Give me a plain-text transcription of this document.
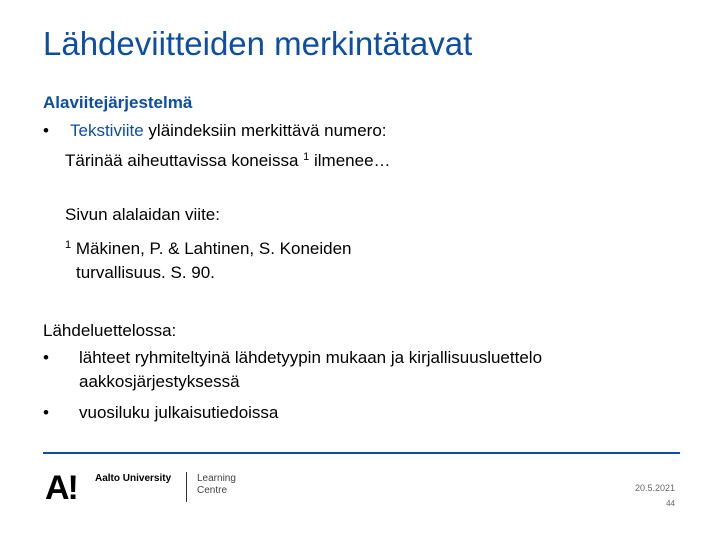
Lähdeviitteiden merkintätavat
Alaviitejärjestelmä
• Tekstiviite yläindeksiin merkittävä numero:
Tärinää aiheuttavissa koneissa $^1$ ilmenee…
Sivun alalaidan viite:
$^1$ Mäkinen, P. & Lahtinen, S. Koneiden
turvallisuus. S. 90.
Lähdeluettelossa:
• lähteet ryhmiteltyinä lähdetyypin mukaan ja kirjallisuusluettelo
aakkosjärjestyksessä
• vuosiluku julkaisutiedoissa
A! Aalto University	Learning
Centre	20.5.2021
44
